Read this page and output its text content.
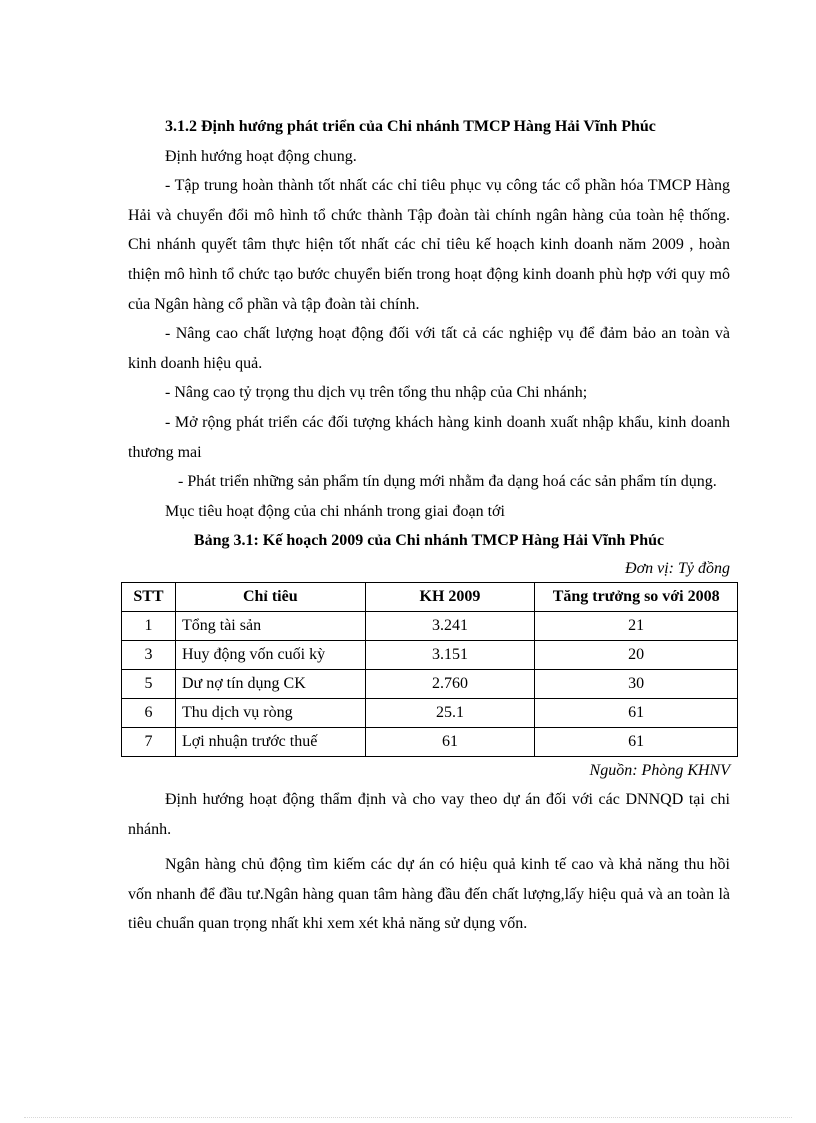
3.1.2 Định hướng phát triển của Chi nhánh TMCP Hàng Hải Vĩnh Phúc

Định hướng hoạt động chung.

- Tập trung hoàn thành tốt nhất các chỉ tiêu phục vụ công tác cổ phần hóa TMCP Hàng Hải và chuyển đổi mô hình tổ chức thành Tập đoàn tài chính ngân hàng của toàn hệ thống. Chi nhánh quyết tâm thực hiện tốt nhất các chỉ tiêu kế hoạch kinh doanh năm 2009 , hoàn thiện mô hình tổ chức tạo bước chuyển biến trong hoạt động kinh doanh phù hợp với quy mô của Ngân hàng cổ phần và tập đoàn tài chính.

- Nâng cao chất lượng hoạt động đối với tất cả các nghiệp vụ để đảm bảo an toàn và kinh doanh hiệu quả.

- Nâng cao tỷ trọng thu dịch vụ trên tổng thu nhập của Chi nhánh;

- Mở rộng phát triển các đối tượng khách hàng kinh doanh xuất nhập khẩu, kinh doanh thương mai

- Phát triển những sản phẩm tín dụng mới nhằm đa dạng hoá các sản phẩm tín dụng.

Mục tiêu hoạt động của chi nhánh trong giai đoạn tới

Bảng 3.1: Kế hoạch 2009 của Chi nhánh TMCP Hàng Hải Vĩnh Phúc

Đơn vị: Tỷ đồng

STT	Chỉ tiêu	KH 2009	Tăng trưởng so với 2008
1	Tổng tài sản	3.241	21
3	Huy động vốn cuối kỳ	3.151	20
5	Dư nợ tín dụng CK	2.760	30
6	Thu dịch vụ ròng	25.1	61
7	Lợi nhuận trước thuế	61	61

Nguồn: Phòng KHNV

Định hướng hoạt động thẩm định và cho vay theo dự án đối với các DNNQD tại chi nhánh.

Ngân hàng chủ động tìm kiếm các dự án có hiệu quả kinh tế cao và khả năng thu hồi vốn nhanh để đầu tư.Ngân hàng quan tâm hàng đầu đến chất lượng,lấy hiệu quả và an toàn là tiêu chuẩn quan trọng nhất khi xem xét khả năng sử dụng vốn.
